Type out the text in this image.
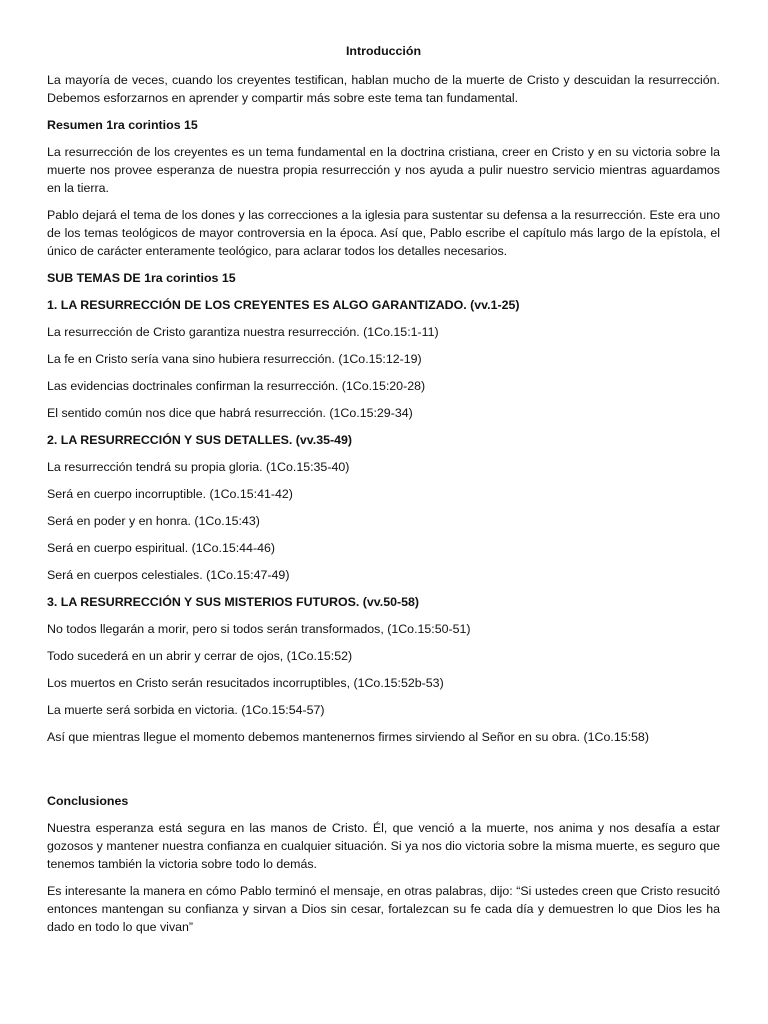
Introducción

La mayoría de veces, cuando los creyentes testifican, hablan mucho de la muerte de Cristo y descuidan la resurrección. Debemos esforzarnos en aprender y compartir más sobre este tema tan fundamental.

Resumen 1ra corintios 15

La resurrección de los creyentes es un tema fundamental en la doctrina cristiana, creer en Cristo y en su victoria sobre la muerte nos provee esperanza de nuestra propia resurrección y nos ayuda a pulir nuestro servicio mientras aguardamos en la tierra.

Pablo dejará el tema de los dones y las correcciones a la iglesia para sustentar su defensa a la resurrección. Este era uno de los temas teológicos de mayor controversia en la época. Así que, Pablo escribe el capítulo más largo de la epístola, el único de carácter enteramente teológico, para aclarar todos los detalles necesarios.

SUB TEMAS DE 1ra corintios 15

1. LA RESURRECCIÓN DE LOS CREYENTES ES ALGO GARANTIZADO. (vv.1-25)

La resurrección de Cristo garantiza nuestra resurrección. (1Co.15:1-11)

La fe en Cristo sería vana sino hubiera resurrección. (1Co.15:12-19)

Las evidencias doctrinales confirman la resurrección. (1Co.15:20-28)

El sentido común nos dice que habrá resurrección. (1Co.15:29-34)

2. LA RESURRECCIÓN Y SUS DETALLES. (vv.35-49)

La resurrección tendrá su propia gloria. (1Co.15:35-40)

Será en cuerpo incorruptible. (1Co.15:41-42)

Será en poder y en honra. (1Co.15:43)

Será en cuerpo espiritual. (1Co.15:44-46)

Será en cuerpos celestiales. (1Co.15:47-49)

3. LA RESURRECCIÓN Y SUS MISTERIOS FUTUROS. (vv.50-58)

No todos llegarán a morir, pero si todos serán transformados, (1Co.15:50-51)

Todo sucederá en un abrir y cerrar de ojos, (1Co.15:52)

Los muertos en Cristo serán resucitados incorruptibles, (1Co.15:52b-53)

La muerte será sorbida en victoria. (1Co.15:54-57)

Así que mientras llegue el momento debemos mantenernos firmes sirviendo al Señor en su obra. (1Co.15:58)

Conclusiones

Nuestra esperanza está segura en las manos de Cristo. Él, que venció a la muerte, nos anima y nos desafía a estar gozosos y mantener nuestra confianza en cualquier situación. Si ya nos dio victoria sobre la misma muerte, es seguro que tenemos también la victoria sobre todo lo demás.

Es interesante la manera en cómo Pablo terminó el mensaje, en otras palabras, dijo: “Si ustedes creen que Cristo resucitó entonces mantengan su confianza y sirvan a Dios sin cesar, fortalezcan su fe cada día y demuestren lo que Dios les ha dado en todo lo que vivan”
